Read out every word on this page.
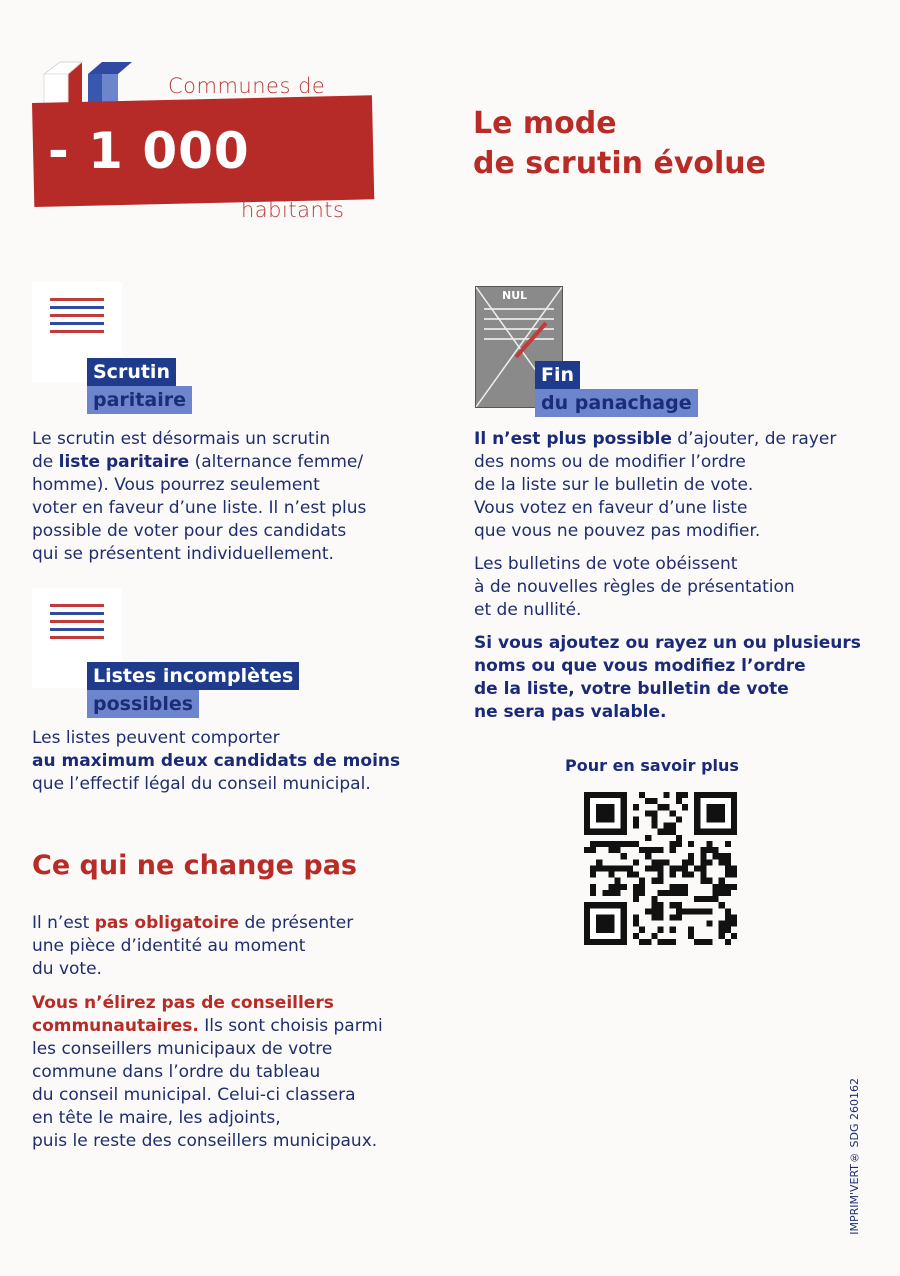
Communes de
- 1 000
habitants
Le mode
de scrutin évolue
Scrutin
paritaire
Le scrutin est désormais un scrutin
de liste paritaire (alternance femme/
homme). Vous pourrez seulement
voter en faveur d’une liste. Il n’est plus
possible de voter pour des candidats
qui se présentent individuellement.
Listes incomplètes
possibles
Les listes peuvent comporter
au maximum deux candidats de moins
que l’effectif légal du conseil municipal.
NUL
Fin
du panachage
Il n’est plus possible d’ajouter, de rayer
des noms ou de modifier l’ordre
de la liste sur le bulletin de vote.
Vous votez en faveur d’une liste
que vous ne pouvez pas modifier.
Les bulletins de vote obéissent
à de nouvelles règles de présentation
et de nullité.
Si vous ajoutez ou rayez un ou plusieurs
noms ou que vous modifiez l’ordre
de la liste, votre bulletin de vote
ne sera pas valable.
Pour en savoir plus
Ce qui ne change pas
Il n’est pas obligatoire de présenter
une pièce d’identité au moment
du vote.
Vous n’élirez pas de conseillers
communautaires. Ils sont choisis parmi
les conseillers municipaux de votre
commune dans l’ordre du tableau
du conseil municipal. Celui-ci classera
en tête le maire, les adjoints,
puis le reste des conseillers municipaux.	IMPRIM'VERT® SDG 260162
